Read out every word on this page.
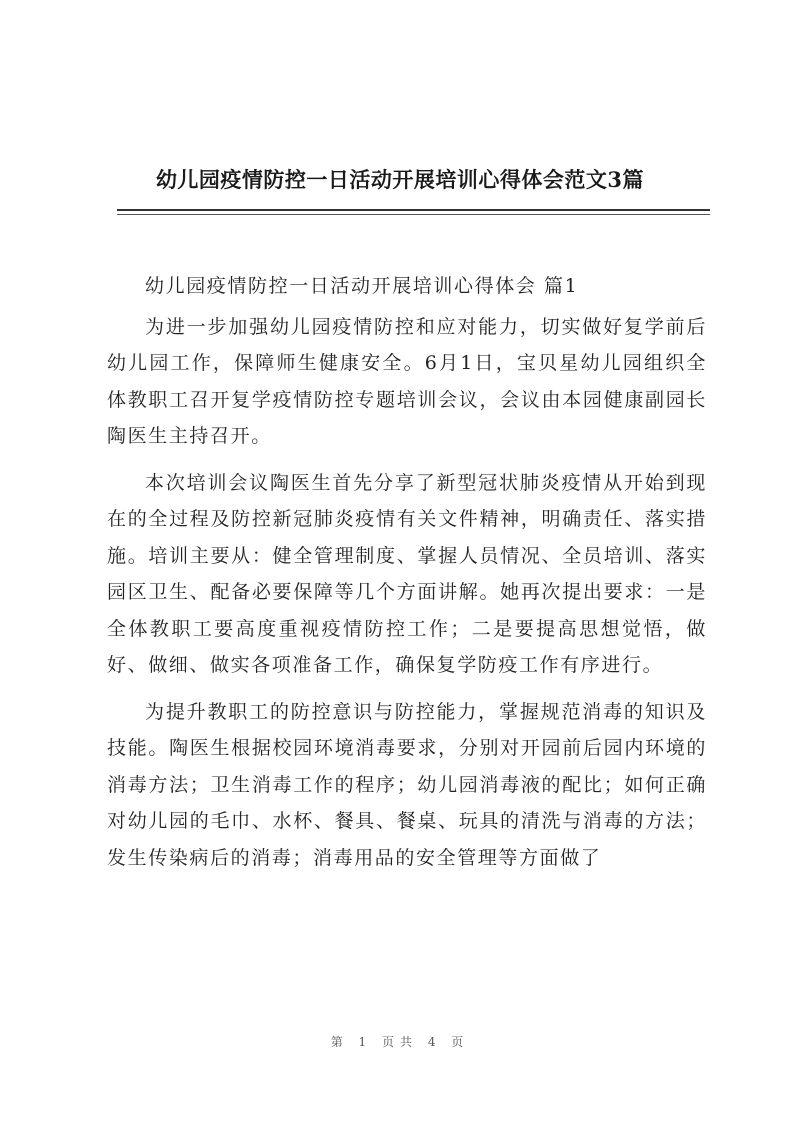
幼儿园疫情防控一日活动开展培训心得体会范文3篇

幼儿园疫情防控一日活动开展培训心得体会 篇1

为进一步加强幼儿园疫情防控和应对能力，切实做好复学前后幼儿园工作，保障师生健康安全。6月1日，宝贝星幼儿园组织全体教职工召开复学疫情防控专题培训会议，会议由本园健康副园长陶医生主持召开。

本次培训会议陶医生首先分享了新型冠状肺炎疫情从开始到现在的全过程及防控新冠肺炎疫情有关文件精神，明确责任、落实措施。培训主要从：健全管理制度、掌握人员情况、全员培训、落实园区卫生、配备必要保障等几个方面讲解。她再次提出要求：一是全体教职工要高度重视疫情防控工作；二是要提高思想觉悟，做好、做细、做实各项准备工作，确保复学防疫工作有序进行。

为提升教职工的防控意识与防控能力，掌握规范消毒的知识及技能。陶医生根据校园环境消毒要求，分别对开园前后园内环境的消毒方法；卫生消毒工作的程序；幼儿园消毒液的配比；如何正确对幼儿园的毛巾、水杯、餐具、餐桌、玩具的清洗与消毒的方法；发生传染病后的消毒；消毒用品的安全管理等方面做了

第 1 页共 4 页
